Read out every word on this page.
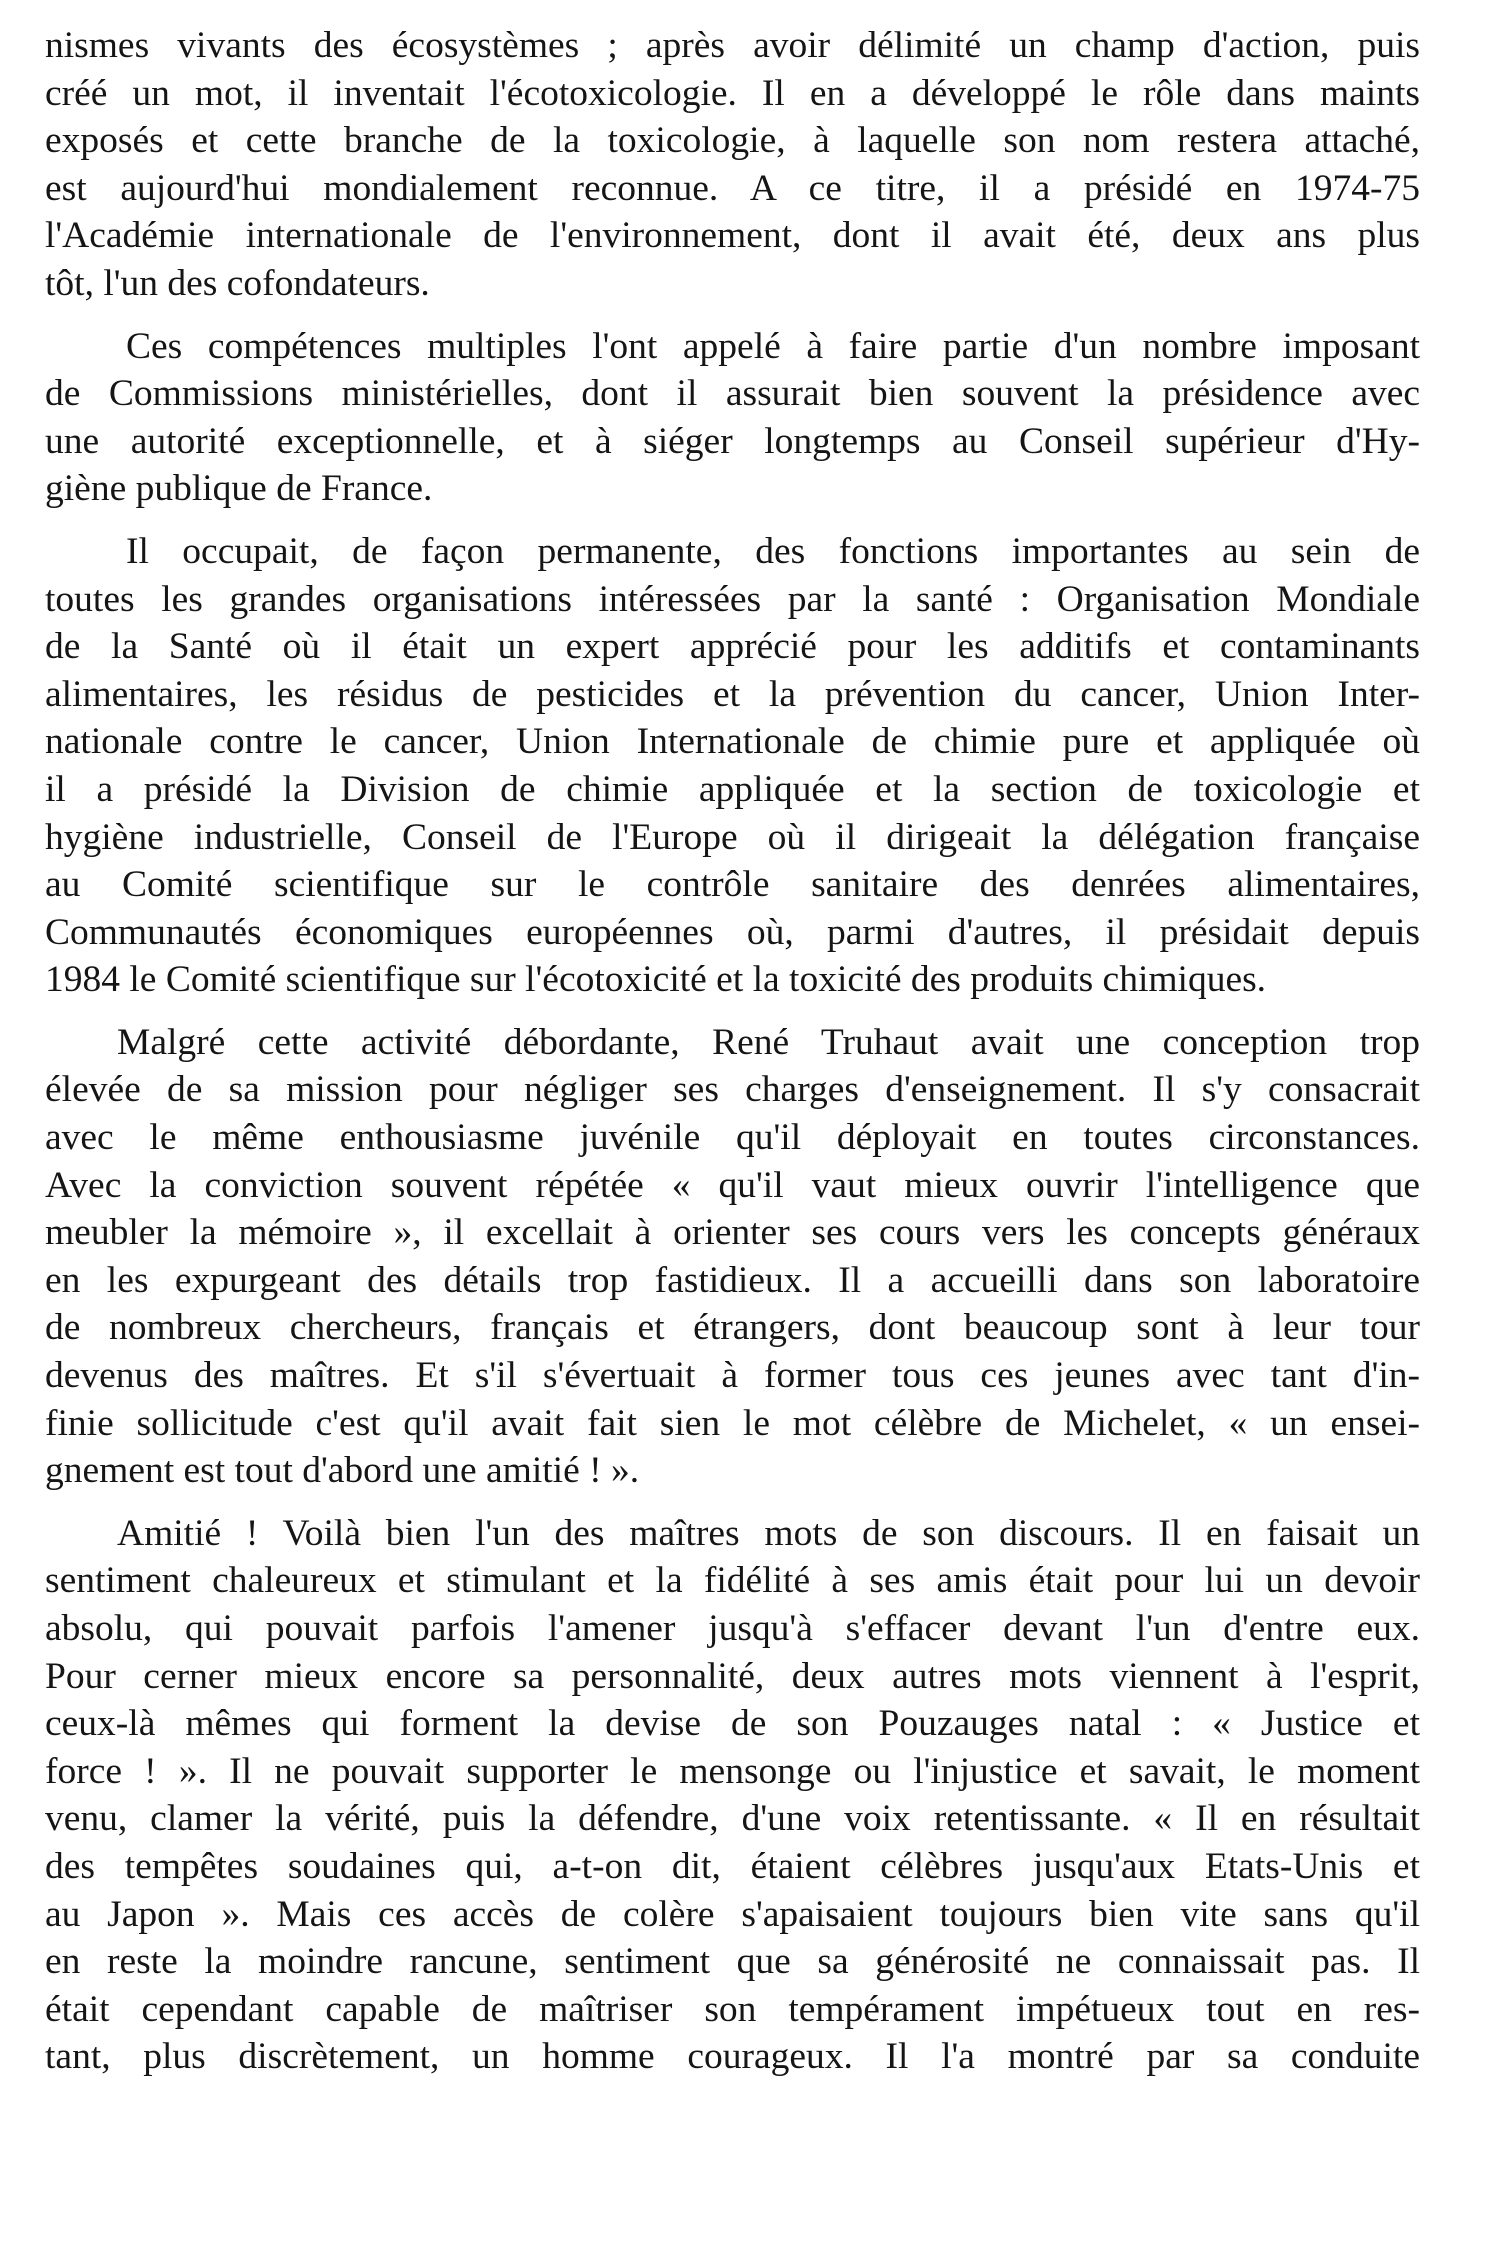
nismes vivants des écosystèmes ; après avoir délimité un champ d'action, puis
créé un mot, il inventait l'écotoxicologie. Il en a développé le rôle dans maints
exposés et cette branche de la toxicologie, à laquelle son nom restera attaché,
est aujourd'hui mondialement reconnue. A ce titre, il a présidé en 1974-75
l'Académie internationale de l'environnement, dont il avait été, deux ans plus
tôt, l'un des cofondateurs.
Ces compétences multiples l'ont appelé à faire partie d'un nombre imposant
de Commissions ministérielles, dont il assurait bien souvent la présidence avec
une autorité exceptionnelle, et à siéger longtemps au Conseil supérieur d'Hy-
giène publique de France.
Il occupait, de façon permanente, des fonctions importantes au sein de
toutes les grandes organisations intéressées par la santé : Organisation Mondiale
de la Santé où il était un expert apprécié pour les additifs et contaminants
alimentaires, les résidus de pesticides et la prévention du cancer, Union Inter-
nationale contre le cancer, Union Internationale de chimie pure et appliquée où
il a présidé la Division de chimie appliquée et la section de toxicologie et
hygiène industrielle, Conseil de l'Europe où il dirigeait la délégation française
au Comité scientifique sur le contrôle sanitaire des denrées alimentaires,
Communautés économiques européennes où, parmi d'autres, il présidait depuis
1984 le Comité scientifique sur l'écotoxicité et la toxicité des produits chimiques.
Malgré cette activité débordante, René Truhaut avait une conception trop
élevée de sa mission pour négliger ses charges d'enseignement. Il s'y consacrait
avec le même enthousiasme juvénile qu'il déployait en toutes circonstances.
Avec la conviction souvent répétée « qu'il vaut mieux ouvrir l'intelligence que
meubler la mémoire », il excellait à orienter ses cours vers les concepts généraux
en les expurgeant des détails trop fastidieux. Il a accueilli dans son laboratoire
de nombreux chercheurs, français et étrangers, dont beaucoup sont à leur tour
devenus des maîtres. Et s'il s'évertuait à former tous ces jeunes avec tant d'in-
finie sollicitude c'est qu'il avait fait sien le mot célèbre de Michelet, « un ensei-
gnement est tout d'abord une amitié ! ».
Amitié ! Voilà bien l'un des maîtres mots de son discours. Il en faisait un
sentiment chaleureux et stimulant et la fidélité à ses amis était pour lui un devoir
absolu, qui pouvait parfois l'amener jusqu'à s'effacer devant l'un d'entre eux.
Pour cerner mieux encore sa personnalité, deux autres mots viennent à l'esprit,
ceux-là mêmes qui forment la devise de son Pouzauges natal : « Justice et
force ! ». Il ne pouvait supporter le mensonge ou l'injustice et savait, le moment
venu, clamer la vérité, puis la défendre, d'une voix retentissante. « Il en résultait
des tempêtes soudaines qui, a-t-on dit, étaient célèbres jusqu'aux Etats-Unis et
au Japon ». Mais ces accès de colère s'apaisaient toujours bien vite sans qu'il
en reste la moindre rancune, sentiment que sa générosité ne connaissait pas. Il
était cependant capable de maîtriser son tempérament impétueux tout en res-
tant, plus discrètement, un homme courageux. Il l'a montré par sa conduite
